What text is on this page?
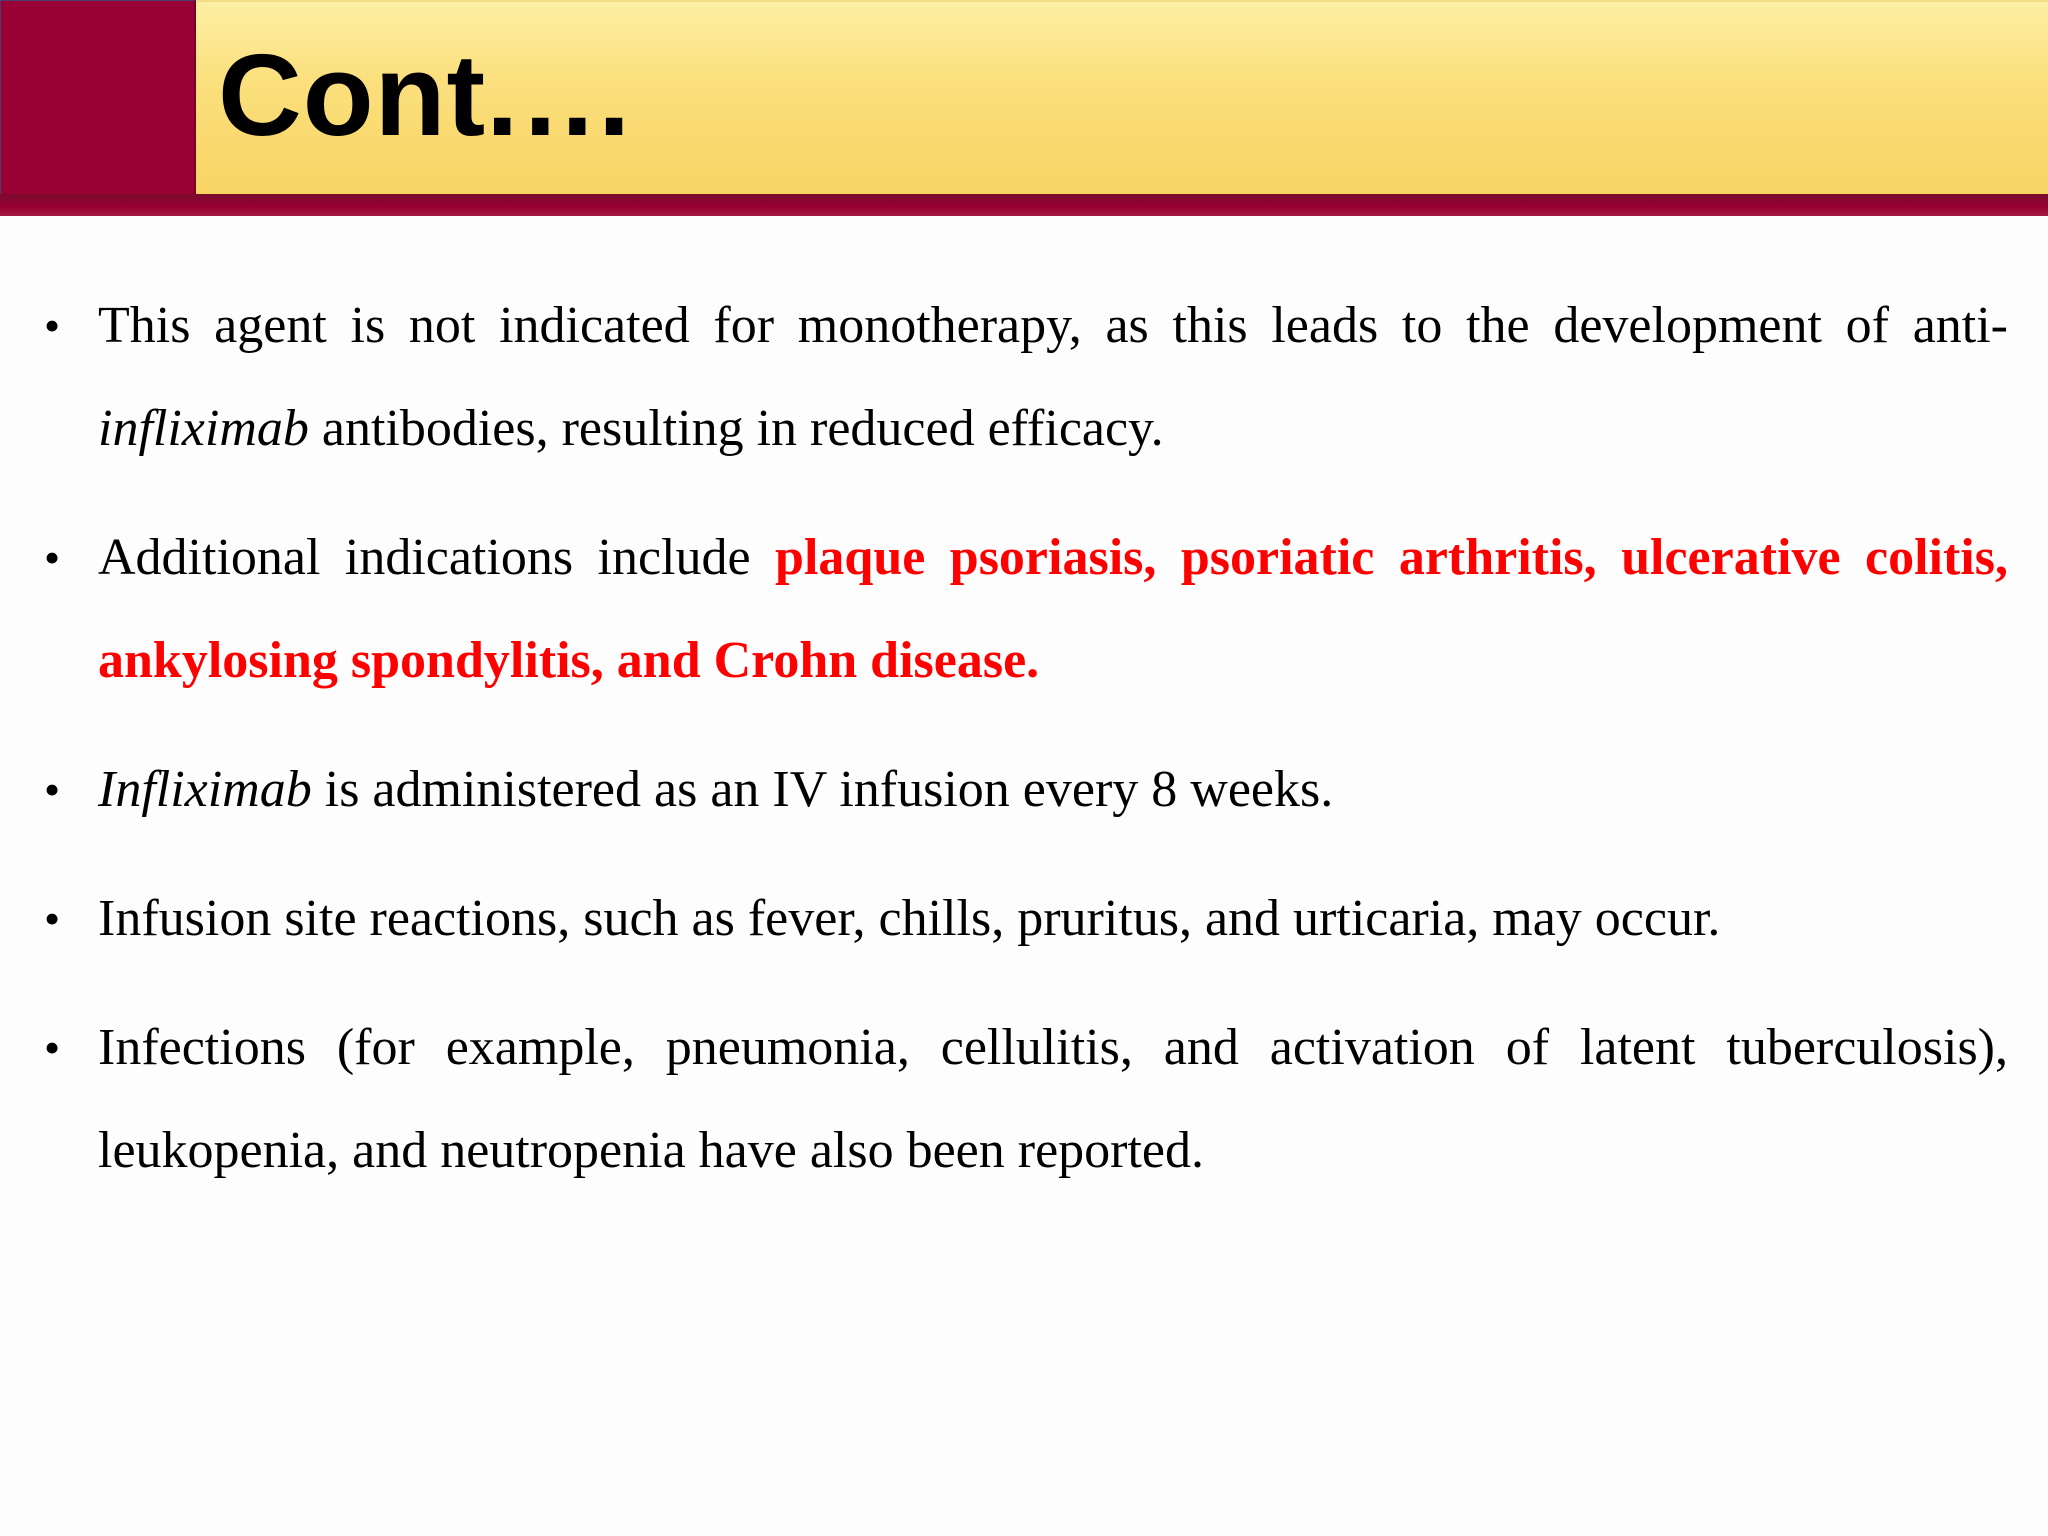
Cont.…
• This agent is not indicated for monotherapy, as this leads to the development of anti-infliximab antibodies, resulting in reduced efficacy.
• Additional indications include plaque psoriasis, psoriatic arthritis, ulcerative colitis, ankylosing spondylitis, and Crohn disease.
• Infliximab is administered as an IV infusion every 8 weeks.
• Infusion site reactions, such as fever, chills, pruritus, and urticaria, may occur.
• Infections (for example, pneumonia, cellulitis, and activation of latent tuberculosis), leukopenia, and neutropenia have also been reported.
